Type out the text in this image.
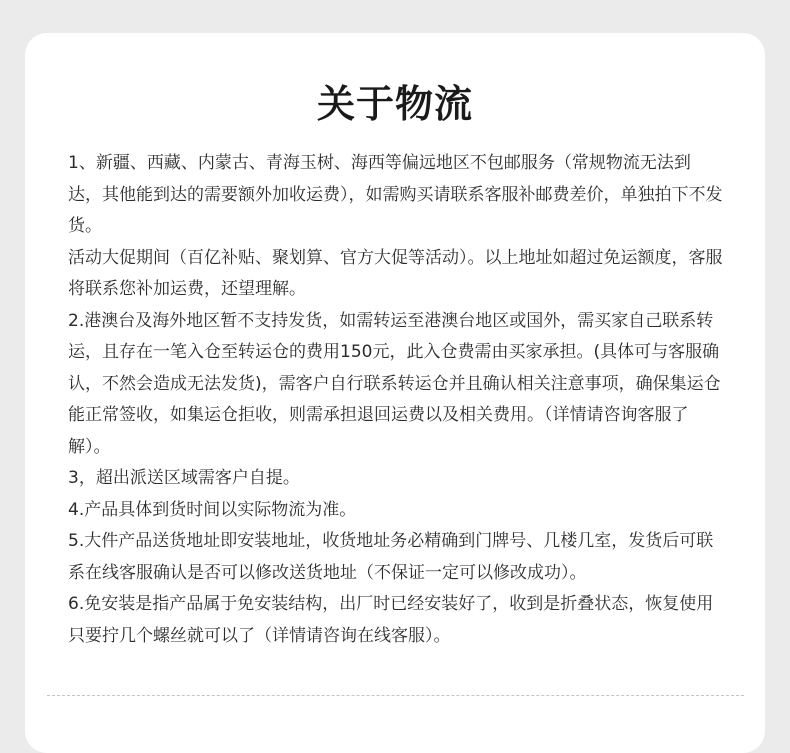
关于物流

1、新疆、西藏、内蒙古、青海玉树、海西等偏远地区不包邮服务（常规物流无法到达，其他能到达的需要额外加收运费），如需购买请联系客服补邮费差价，单独拍下不发货。

活动大促期间（百亿补贴、聚划算、官方大促等活动）。以上地址如超过免运额度，客服将联系您补加运费，还望理解。

2.港澳台及海外地区暂不支持发货，如需转运至港澳台地区或国外，需买家自己联系转运，且存在一笔入仓至转运仓的费用150元，此入仓费需由买家承担。(具体可与客服确认，不然会造成无法发货)，需客户自行联系转运仓并且确认相关注意事项，确保集运仓能正常签收，如集运仓拒收，则需承担退回运费以及相关费用。（详情请咨询客服了解）。

3，超出派送区域需客户自提。

4.产品具体到货时间以实际物流为准。

5.大件产品送货地址即安装地址，收货地址务必精确到门牌号、几楼几室，发货后可联系在线客服确认是否可以修改送货地址（不保证一定可以修改成功）。

6.免安装是指产品属于免安装结构，出厂时已经安装好了，收到是折叠状态，恢复使用只要拧几个螺丝就可以了（详情请咨询在线客服）。
